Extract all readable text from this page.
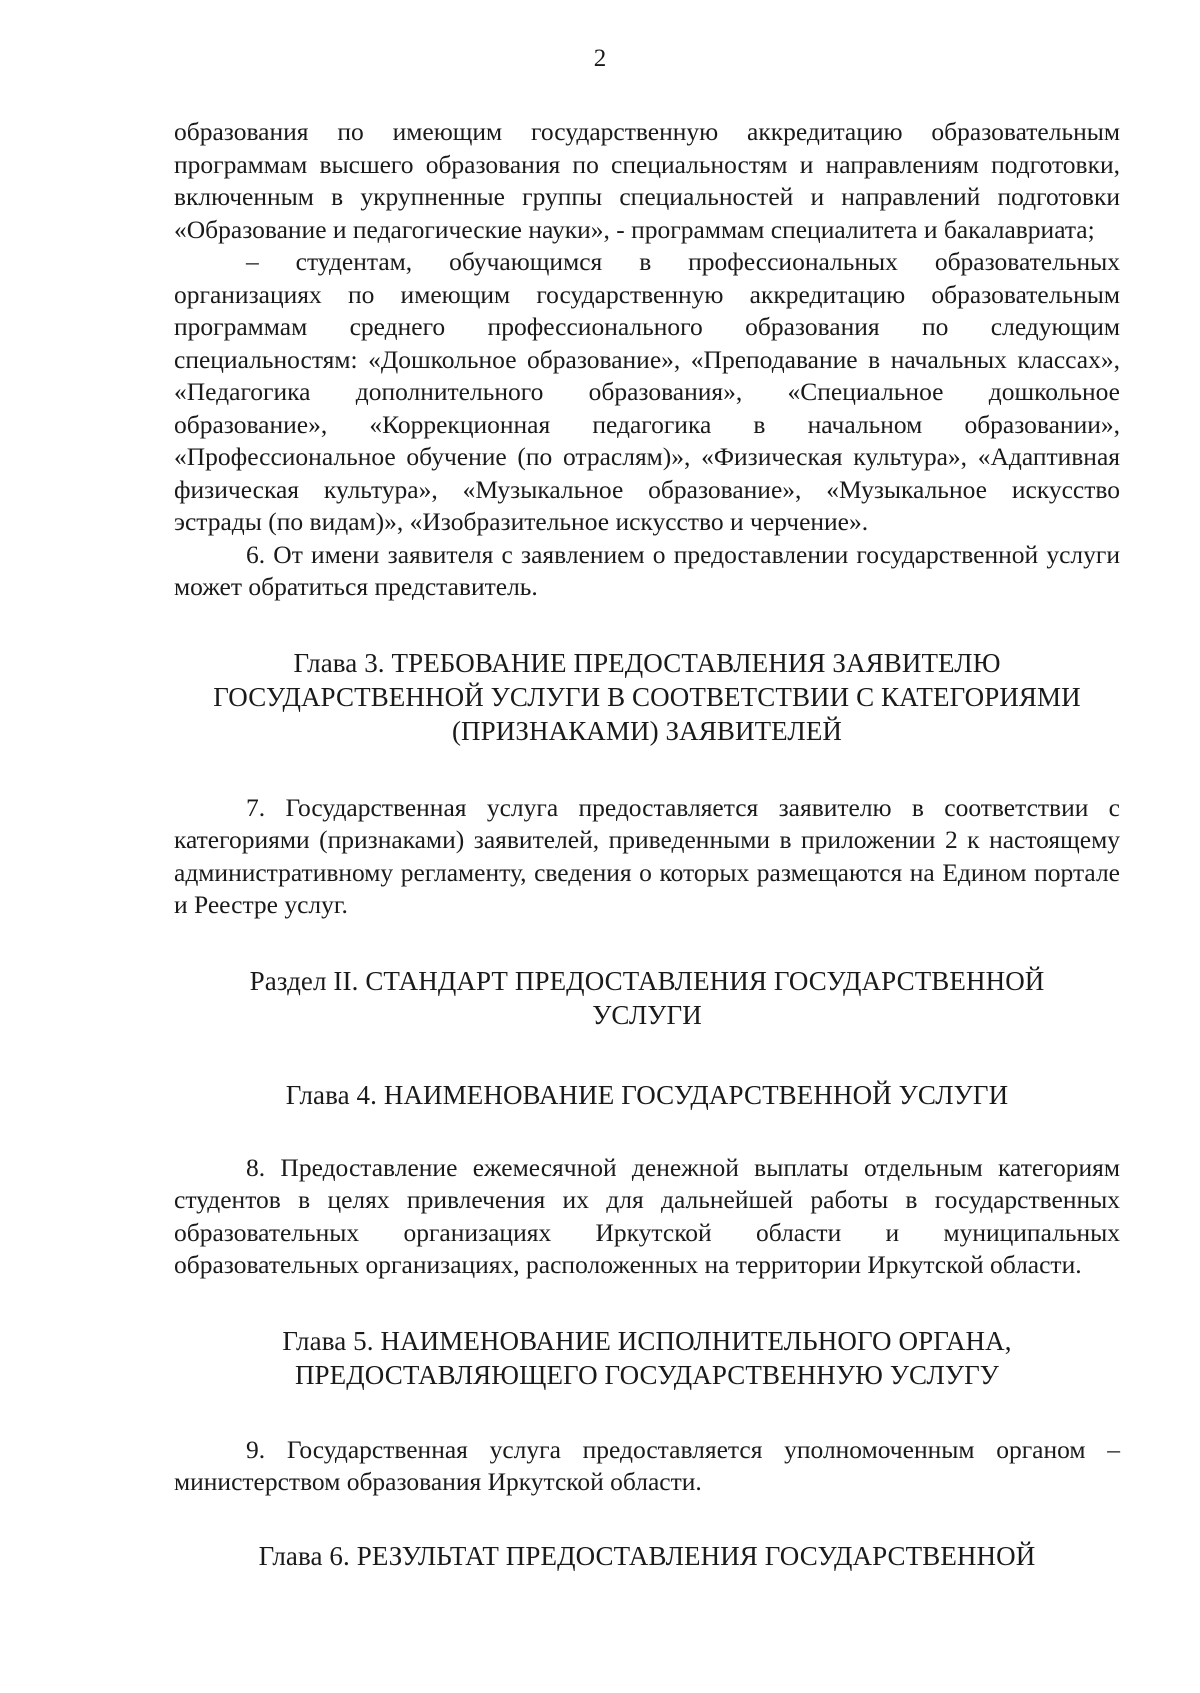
2

образования по имеющим государственную аккредитацию образовательным программам высшего образования по специальностям и направлениям подготовки, включенным в укрупненные группы специальностей и направлений подготовки «Образование и педагогические науки», - программам специалитета и бакалавриата;

– студентам, обучающимся в профессиональных образовательных организациях по имеющим государственную аккредитацию образовательным программам среднего профессионального образования по следующим специальностям: «Дошкольное образование», «Преподавание в начальных классах», «Педагогика дополнительного образования», «Специальное дошкольное образование», «Коррекционная педагогика в начальном образовании», «Профессиональное обучение (по отраслям)», «Физическая культура», «Адаптивная физическая культура», «Музыкальное образование», «Музыкальное искусство эстрады (по видам)», «Изобразительное искусство и черчение».

6. От имени заявителя с заявлением о предоставлении государственной услуги может обратиться представитель.

Глава 3. ТРЕБОВАНИЕ ПРЕДОСТАВЛЕНИЯ ЗАЯВИТЕЛЮ
ГОСУДАРСТВЕННОЙ УСЛУГИ В СООТВЕТСТВИИ С КАТЕГОРИЯМИ
(ПРИЗНАКАМИ) ЗАЯВИТЕЛЕЙ

7. Государственная услуга предоставляется заявителю в соответствии с категориями (признаками) заявителей, приведенными в приложении 2 к настоящему административному регламенту, сведения о которых размещаются на Едином портале и Реестре услуг.

Раздел II. СТАНДАРТ ПРЕДОСТАВЛЕНИЯ ГОСУДАРСТВЕННОЙ
УСЛУГИ
Глава 4. НАИМЕНОВАНИЕ ГОСУДАРСТВЕННОЙ УСЛУГИ

8. Предоставление ежемесячной денежной выплаты отдельным категориям студентов в целях привлечения их для дальнейшей работы в государственных образовательных организациях Иркутской области и муниципальных образовательных организациях, расположенных на территории Иркутской области.

Глава 5. НАИМЕНОВАНИЕ ИСПОЛНИТЕЛЬНОГО ОРГАНА,
ПРЕДОСТАВЛЯЮЩЕГО ГОСУДАРСТВЕННУЮ УСЛУГУ

9. Государственная услуга предоставляется уполномоченным органом – министерством образования Иркутской области.

Глава 6. РЕЗУЛЬТАТ ПРЕДОСТАВЛЕНИЯ ГОСУДАРСТВЕННОЙ
